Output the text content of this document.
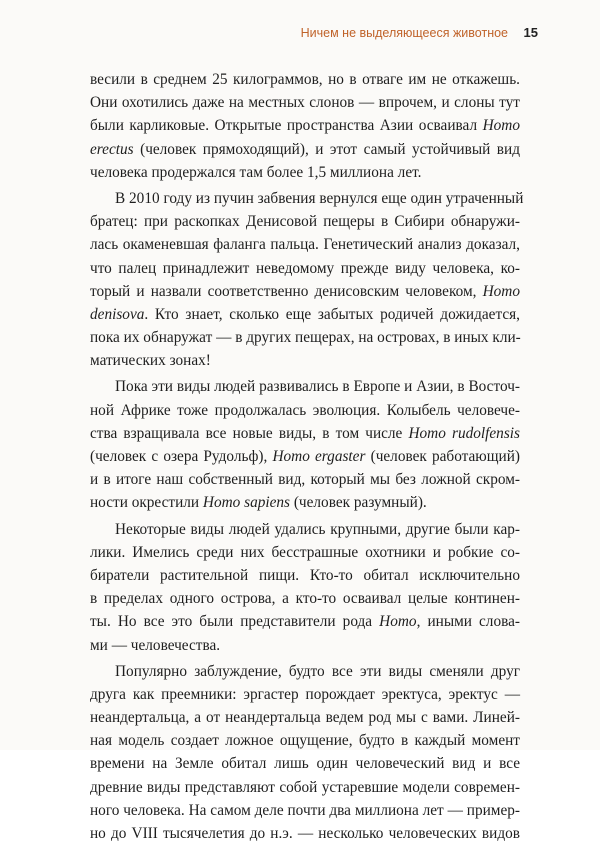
Ничем не выделяющееся животное 15
весили в среднем 25 килограммов, но в отваге им не откажешь.
Они охотились даже на местных слонов — впрочем, и слоны тут
были карликовые. Открытые пространства Азии осваивал Homo
erectus (человек прямоходящий), и этот самый устойчивый вид
человека продержался там более 1,5 миллиона лет.
В 2010 году из пучин забвения вернулся еще один утраченный
братец: при раскопках Денисовой пещеры в Сибири обнаружи-
лась окаменевшая фаланга пальца. Генетический анализ доказал,
что палец принадлежит неведомому прежде виду человека, ко-
торый и назвали соответственно денисовским человеком, Homo
denisova. Кто знает, сколько еще забытых родичей дожидается,
пока их обнаружат — в других пещерах, на островах, в иных кли-
матических зонах!
Пока эти виды людей развивались в Европе и Азии, в Восточ-
ной Африке тоже продолжалась эволюция. Колыбель человече-
ства взращивала все новые виды, в том числе Homo rudolfensis
(человек с озера Рудольф), Homo ergaster (человек работающий)
и в итоге наш собственный вид, который мы без ложной скром-
ности окрестили Homo sapiens (человек разумный).
Некоторые виды людей удались крупными, другие были кар-
лики. Имелись среди них бесстрашные охотники и робкие со-
биратели растительной пищи. Кто-то обитал исключительно
в пределах одного острова, а кто-то осваивал целые континен-
ты. Но все это были представители рода Homo, иными слова-
ми — человечества.
Популярно заблуждение, будто все эти виды сменяли друг
друга как преемники: эргастер порождает эректуса, эректус —
неандертальца, а от неандертальца ведем род мы с вами. Линей-
ная модель создает ложное ощущение, будто в каждый момент
времени на Земле обитал лишь один человеческий вид и все
древние виды представляют собой устаревшие модели современ-
ного человека. На самом деле почти два миллиона лет — пример-
но до VIII тысячелетия до н.э. — несколько человеческих видов
